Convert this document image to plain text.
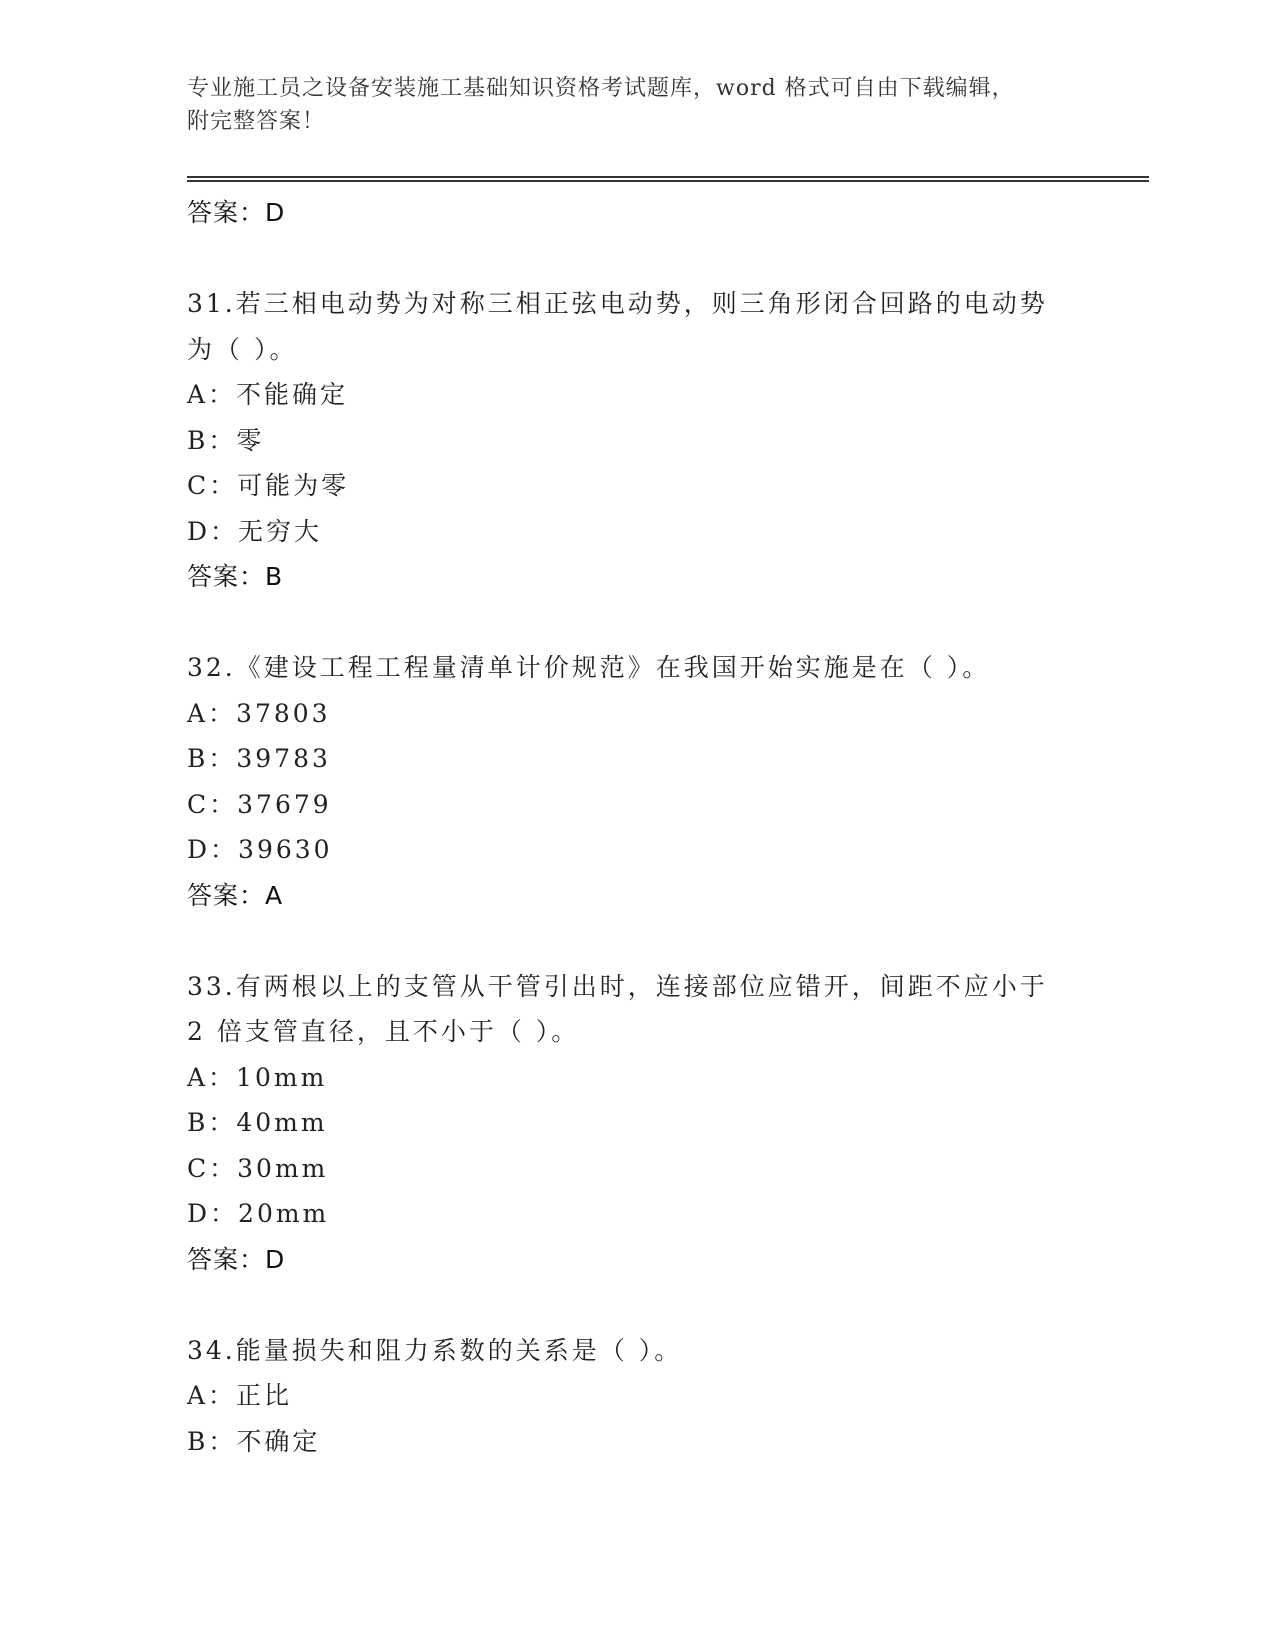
专业施工员之设备安装施工基础知识资格考试题库，word 格式可自由下载编辑，
附完整答案！
答案：D
31.若三相电动势为对称三相正弦电动势，则三角形闭合回路的电动势
为（ ）。
A：不能确定
B：零
C：可能为零
D：无穷大
答案：B
32.《建设工程工程量清单计价规范》在我国开始实施是在（ ）。
A：37803
B：39783
C：37679
D：39630
答案：A
33.有两根以上的支管从干管引出时，连接部位应错开，间距不应小于
2 倍支管直径，且不小于（ ）。
A：10mm
B：40mm
C：30mm
D：20mm
答案：D
34.能量损失和阻力系数的关系是（ ）。
A：正比
B：不确定
